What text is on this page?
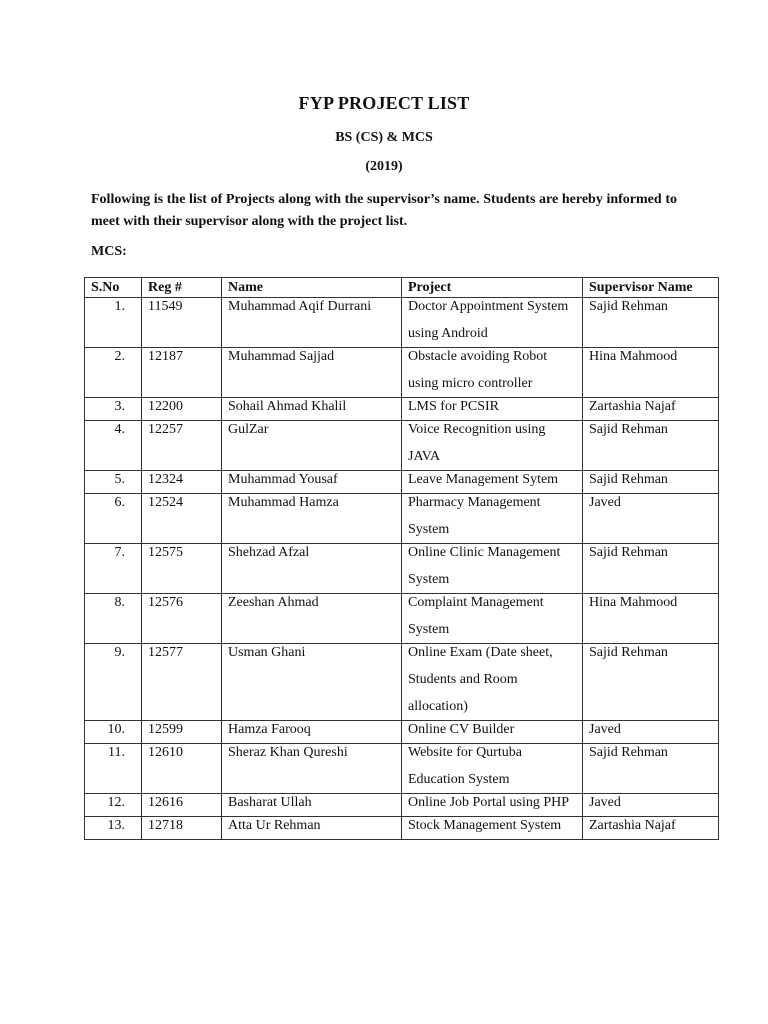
FYP PROJECT LIST
BS (CS) & MCS
(2019)
Following is the list of Projects along with the supervisor’s name. Students are hereby informed to meet with their supervisor along with the project list.
MCS:
S.No	Reg #	Name	Project	Supervisor Name

1.	11549	Muhammad Aqif Durrani	Doctor Appointment System using Android	Sajid Rehman

2.	12187	Muhammad Sajjad	Obstacle avoiding Robot using micro controller	Hina Mahmood

3.	12200	Sohail Ahmad Khalil	LMS for PCSIR	Zartashia Najaf

4.	12257	GulZar	Voice Recognition using JAVA	Sajid Rehman

5.	12324	Muhammad Yousaf	Leave Management Sytem	Sajid Rehman

6.	12524	Muhammad Hamza	Pharmacy Management System	Javed

7.	12575	Shehzad Afzal	Online Clinic Management System	Sajid Rehman

8.	12576	Zeeshan Ahmad	Complaint Management System	Hina Mahmood

9.	12577	Usman Ghani	Online Exam (Date sheet, Students and Room allocation)	Sajid Rehman

10.	12599	Hamza Farooq	Online CV Builder	Javed

11.	12610	Sheraz Khan Qureshi	Website for Qurtuba Education System	Sajid Rehman

12.	12616	Basharat Ullah	Online Job Portal using PHP	Javed

13.	12718	Atta Ur Rehman	Stock Management System	Zartashia Najaf
